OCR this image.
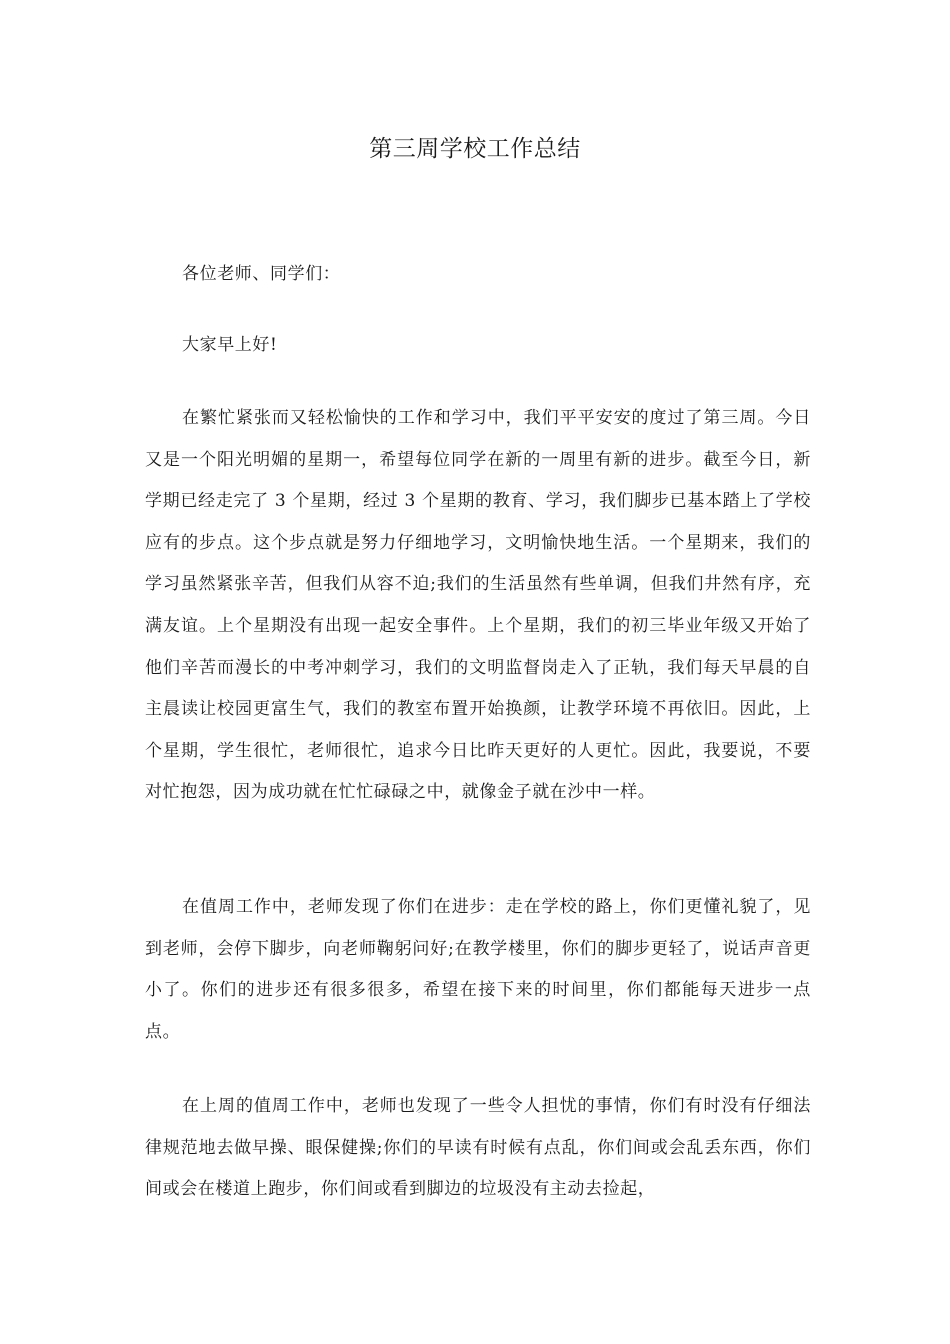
第三周学校工作总结

各位老师、同学们：

大家早上好!

在繁忙紧张而又轻松愉快的工作和学习中，我们平平安安的度过了第三周。今日又是一个阳光明媚的星期一，希望每位同学在新的一周里有新的进步。截至今日，新学期已经走完了 3 个星期，经过 3 个星期的教育、学习，我们脚步已基本踏上了学校应有的步点。这个步点就是努力仔细地学习，文明愉快地生活。一个星期来，我们的学习虽然紧张辛苦，但我们从容不迫;我们的生活虽然有些单调，但我们井然有序，充满友谊。上个星期没有出现一起安全事件。上个星期，我们的初三毕业年级又开始了他们辛苦而漫长的中考冲刺学习，我们的文明监督岗走入了正轨，我们每天早晨的自主晨读让校园更富生气，我们的教室布置开始换颜，让教学环境不再依旧。因此，上个星期，学生很忙，老师很忙，追求今日比昨天更好的人更忙。因此，我要说，不要对忙抱怨，因为成功就在忙忙碌碌之中，就像金子就在沙中一样。

在值周工作中，老师发现了你们在进步：走在学校的路上，你们更懂礼貌了，见到老师，会停下脚步，向老师鞠躬问好;在教学楼里，你们的脚步更轻了，说话声音更小了。你们的进步还有很多很多，希望在接下来的时间里，你们都能每天进步一点点。

在上周的值周工作中，老师也发现了一些令人担忧的事情，你们有时没有仔细法律规范地去做早操、眼保健操;你们的早读有时候有点乱，你们间或会乱丢东西，你们间或会在楼道上跑步，你们间或看到脚边的垃圾没有主动去捡起，
